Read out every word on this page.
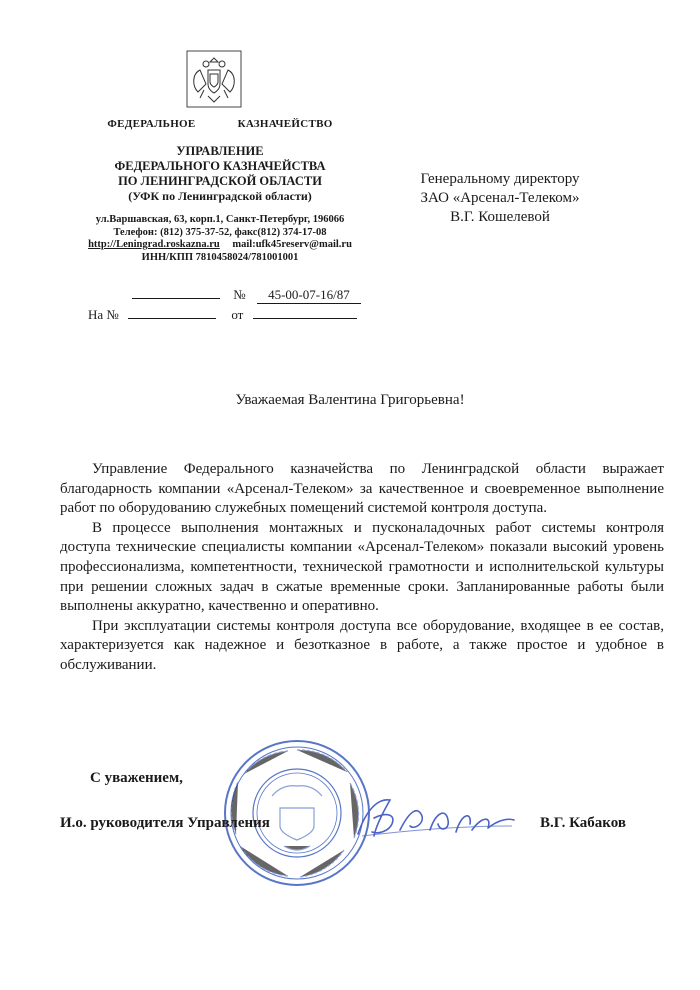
ФЕДЕРАЛЬНОЕ	КАЗНАЧЕЙСТВО
УПРАВЛЕНИЕ
ФЕДЕРАЛЬНОГО КАЗНАЧЕЙСТВА
ПО ЛЕНИНГРАДСКОЙ ОБЛАСТИ
(УФК по Ленинградской области)
ул.Варшавская, 63, корп.1, Санкт-Петербург, 196066
Телефон: (812) 375-37-52, факс(812) 374-17-08
http://Leningrad.roskazna.ru mail:ufk45reserv@mail.ru
ИНН/КПП 7810458024/781001001
№ 45-00-07-16/87
На №	от
Генеральному директору
ЗАО «Арсенал-Телеком»
В.Г. Кошелевой
Уважаемая Валентина Григорьевна!

Управление Федерального казначейства по Ленинградской области выражает благодарность компании «Арсенал-Телеком» за качественное и своевременное выполнение работ по оборудованию служебных помещений системой контроля доступа.

В процессе выполнения монтажных и пусконаладочных работ системы контроля доступа технические специалисты компании «Арсенал-Телеком» показали высокий уровень профессионализма, компетентности, технической грамотности и исполнительской культуры при решении сложных задач в сжатые временные сроки. Запланированные работы были выполнены аккуратно, качественно и оперативно.

При эксплуатации системы контроля доступа все оборудование, входящее в ее состав, характеризуется как надежное и безотказное в работе, а также простое и удобное в обслуживании.

С уважением,
И.о. руководителя Управления	В.Г. Кабаков
